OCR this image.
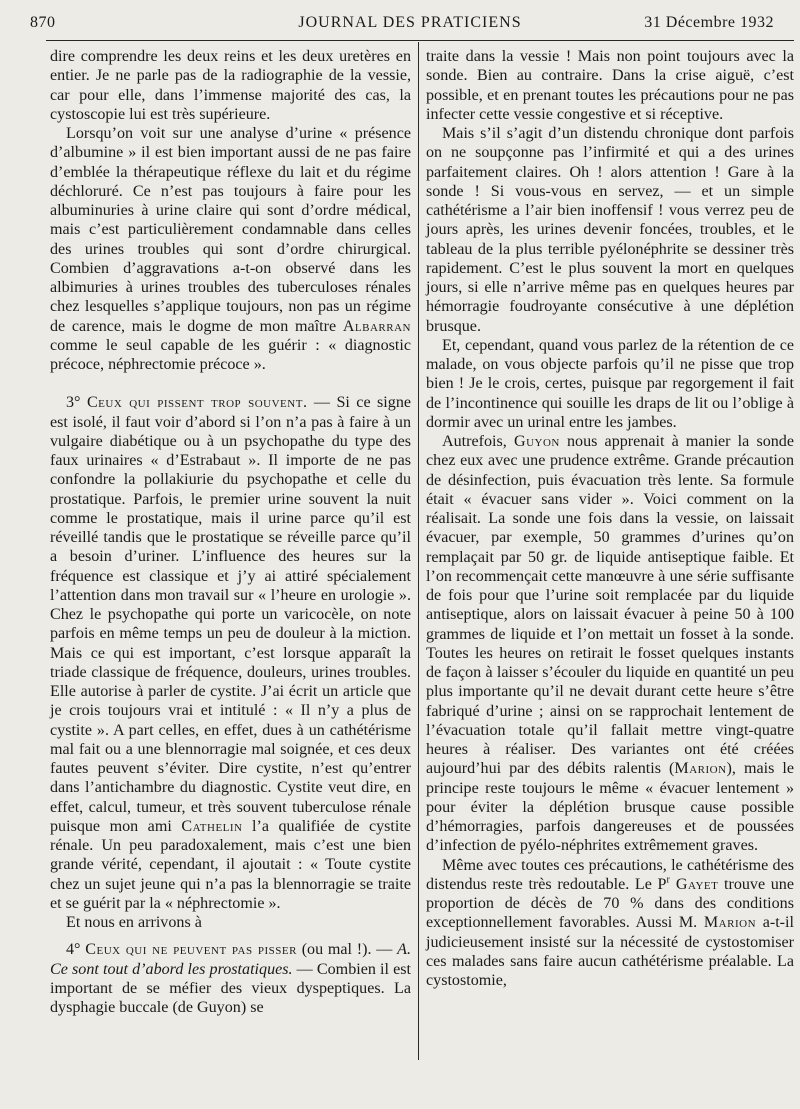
870	JOURNAL DES PRATICIENS	31 Décembre 1932

dire comprendre les deux reins et les deux uretères en entier. Je ne parle pas de la radiographie de la vessie, car pour elle, dans l’immense majorité des cas, la cystoscopie lui est très supérieure.

Lorsqu’on voit sur une analyse d’urine « présence d’albumine » il est bien important aussi de ne pas faire d’emblée la thérapeutique réflexe du lait et du régime déchloruré. Ce n’est pas toujours à faire pour les albuminuries à urine claire qui sont d’ordre médical, mais c’est particulièrement condamnable dans celles des urines troubles qui sont d’ordre chirurgical. Combien d’aggravations a-t-on observé dans les albimuries à urines troubles des tuberculoses rénales chez lesquelles s’applique toujours, non pas un régime de carence, mais le dogme de mon maître Albarran comme le seul capable de les guérir : « diagnostic précoce, néphrectomie précoce ».

3° Ceux qui pissent trop souvent. — Si ce signe est isolé, il faut voir d’abord si l’on n’a pas à faire à un vulgaire diabétique ou à un psychopathe du type des faux urinaires « d’Estrabaut ». Il importe de ne pas confondre la pollakiurie du psychopathe et celle du prostatique. Parfois, le premier urine souvent la nuit comme le prostatique, mais il urine parce qu’il est réveillé tandis que le prostatique se réveille parce qu’il a besoin d’uriner. L’influence des heures sur la fréquence est classique et j’y ai attiré spécialement l’attention dans mon travail sur « l’heure en urologie ». Chez le psychopathe qui porte un varicocèle, on note parfois en même temps un peu de douleur à la miction. Mais ce qui est important, c’est lorsque apparaît la triade classique de fréquence, douleurs, urines troubles. Elle autorise à parler de cystite. J’ai écrit un article que je crois toujours vrai et intitulé : « Il n’y a plus de cystite ». A part celles, en effet, dues à un cathétérisme mal fait ou a une blennorragie mal soignée, et ces deux fautes peuvent s’éviter. Dire cystite, n’est qu’entrer dans l’antichambre du diagnostic. Cystite veut dire, en effet, calcul, tumeur, et très souvent tuberculose rénale puisque mon ami Cathelin l’a qualifiée de cystite rénale. Un peu paradoxalement, mais c’est une bien grande vérité, cependant, il ajoutait : « Toute cystite chez un sujet jeune qui n’a pas la blennorragie se traite et se guérit par la « néphrectomie ».

Et nous en arrivons à

4° Ceux qui ne peuvent pas pisser (ou mal !). — A. Ce sont tout d’abord les prostatiques. — Combien il est important de se méfier des vieux dyspeptiques. La dysphagie buccale (de Guyon) se

traite dans la vessie ! Mais non point toujours avec la sonde. Bien au contraire. Dans la crise aiguë, c’est possible, et en prenant toutes les précautions pour ne pas infecter cette vessie congestive et si réceptive.

Mais s’il s’agit d’un distendu chronique dont parfois on ne soupçonne pas l’infirmité et qui a des urines parfaitement claires. Oh ! alors attention ! Gare à la sonde ! Si vous-vous en servez, — et un simple cathétérisme a l’air bien inoffensif ! vous verrez peu de jours après, les urines devenir foncées, troubles, et le tableau de la plus terrible pyélonéphrite se dessiner très rapidement. C’est le plus souvent la mort en quelques jours, si elle n’arrive même pas en quelques heures par hémorragie foudroyante consécutive à une déplétion brusque.

Et, cependant, quand vous parlez de la rétention de ce malade, on vous objecte parfois qu’il ne pisse que trop bien ! Je le crois, certes, puisque par regorgement il fait de l’incontinence qui souille les draps de lit ou l’oblige à dormir avec un urinal entre les jambes.

Autrefois, Guyon nous apprenait à manier la sonde chez eux avec une prudence extrême. Grande précaution de désinfection, puis évacuation très lente. Sa formule était « évacuer sans vider ». Voici comment on la réalisait. La sonde une fois dans la vessie, on laissait évacuer, par exemple, 50 grammes d’urines qu’on remplaçait par 50 gr. de liquide antiseptique faible. Et l’on recommençait cette manœuvre à une série suffisante de fois pour que l’urine soit remplacée par du liquide antiseptique, alors on laissait évacuer à peine 50 à 100 grammes de liquide et l’on mettait un fosset à la sonde. Toutes les heures on retirait le fosset quelques instants de façon à laisser s’écouler du liquide en quantité un peu plus importante qu’il ne devait durant cette heure s’être fabriqué d’urine ; ainsi on se rapprochait lentement de l’évacuation totale qu’il fallait mettre vingt-quatre heures à réaliser. Des variantes ont été créées aujourd’hui par des débits ralentis (Marion), mais le principe reste toujours le même « évacuer lentement » pour éviter la déplétion brusque cause possible d’hémorragies, parfois dangereuses et de poussées d’infection de pyélo-néphrites extrêmement graves.

Même avec toutes ces précautions, le cathétérisme des distendus reste très redoutable. Le $P^r$ Gayet trouve une proportion de décès de 70 % dans des conditions exceptionnellement favorables. Aussi M. Marion a-t-il judicieusement insisté sur la nécessité de cystostomiser ces malades sans faire aucun cathétérisme préalable. La cystostomie,
